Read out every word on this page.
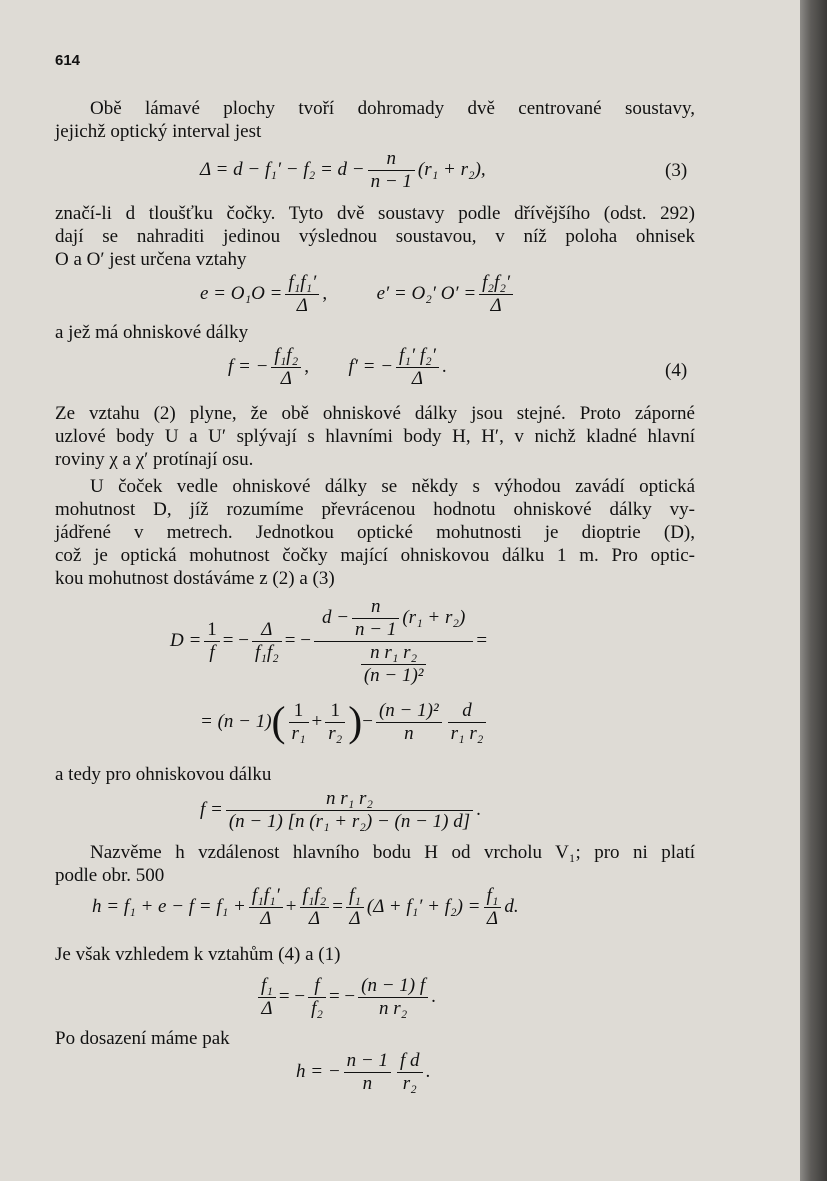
614
Obě lámavé plochy tvoří dohromady dvě centrované soustavy,
jejichž optický interval jest
$\Delta = d - f_1' - f_2 = d - \frac{n}{n - 1} (r_1 + r_2)$,	(3)
značí-li d tloušťku čočky. Tyto dvě soustavy podle dřívějšího (odst. 292)
dají se nahraditi jedinou výslednou soustavou, v níž poloha ohnisek
O a O′ jest určena vztahy
$e = O_1O = \frac{\text{f₁f₁′}}{\Delta}$ ,  e′ = O₂′ $O' = \frac{\text{f₂f₂′}}{\Delta}$
a jež má ohniskové dálky
f = − $\frac{\text{f₁f₂}}{\Delta}$ ,  f′ = − $\frac{\text{f₁′ f₂′}}{\Delta}$ .	(4)
Ze vztahu (2) plyne, že obě ohniskové dálky jsou stejné. Proto záporné
uzlové body U a U′ splývají s hlavními body H, H′, v nichž kladné hlavní
roviny χ a χ′ protínají osu.
U čoček vedle ohniskové dálky se někdy s výhodou zavádí optická
mohutnost D, jíž rozumíme převrácenou hodnotu ohniskové dálky vy-
jádřené v metrech. Jednotkou optické mohutnosti je dioptrie (D),
což je optická mohutnost čočky mající ohniskovou dálku 1 m. Pro optic-
kou mohutnost dostáváme z (2) a (3)
$D = \frac{1}{f}$ = − $\frac{\Delta}{\text{f₁f₂}}$ = − $\frac{d - \frac{n}{n - 1} (r_1 + r_2)}{\frac{\text{n r₁ r₂}}{\text{(n − 1)²}}}$ =
= $(n - 1)( \frac{1}{\text{r₁}} + \frac{1}{\text{r₂}}$ )− $\frac{\text{(n − 1)²}}{n} \frac{d}{\text{r₁ r₂}}$
a tedy pro ohniskovou dálku
$f = \frac{\text{n r₁ r₂}}{\text{(n − 1) [n (r₁ + r₂) − (n − 1) d]}}$ .
Nazvěme h vzdálenost hlavního bodu H od vrcholu V₁; pro ni platí
podle obr. 500
$h = f_1 + e - f = f_1 + \frac{\text{f₁f₁′}}{\Delta} + \frac{\text{f₁f₂}}{\Delta} = \frac{\text{f₁}}{\Delta} (\Delta + f_1' + f_2) = \frac{\text{f₁}}{\Delta} d$.
Je však vzhledem k vztahům (4) a (1)
$\frac{\text{f₁}}{\Delta}$ = − $\frac{f}{\text{f₂}}$ = − $\frac{(n - 1) f}{\text{n r₂}}$ .
Po dosazení máme pak
h = − $\frac{n - 1}{n} \frac{\text{f d}}{\text{r₂}}$ .
